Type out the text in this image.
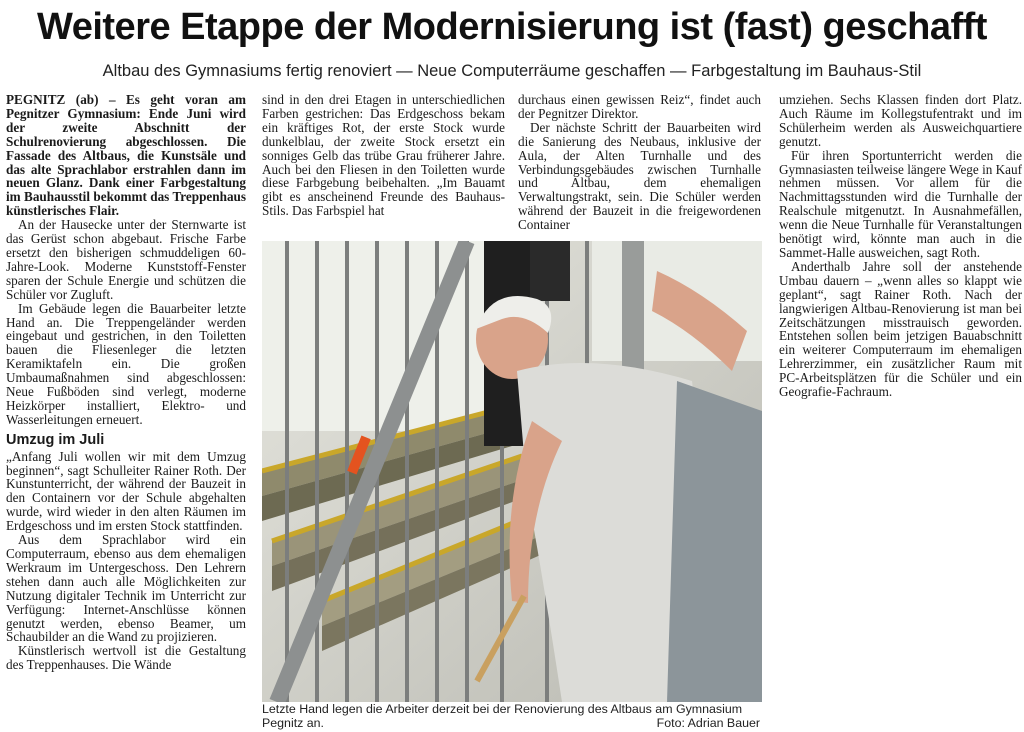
Weitere Etappe der Modernisierung ist (fast) geschafft
Altbau des Gymnasiums fertig renoviert — Neue Computerräume geschaffen — Farbgestaltung im Bauhaus-Stil

PEGNITZ (ab) – Es geht voran am Pegnitzer Gymnasium: Ende Juni wird der zweite Abschnitt der Schulrenovierung abgeschlossen. Die Fassade des Altbaus, die Kunstsäle und das alte Sprachlabor erstrahlen dann im neuen Glanz. Dank einer Farbgestaltung im Bauhausstil bekommt das Treppenhaus künstlerisches Flair.

An der Hausecke unter der Sternwarte ist das Gerüst schon abgebaut. Frische Farbe ersetzt den bisherigen schmuddeligen 60-Jahre-Look. Moderne Kunststoff-Fenster sparen der Schule Energie und schützen die Schüler vor Zugluft.

Im Gebäude legen die Bauarbeiter letzte Hand an. Die Treppengeländer werden eingebaut und gestrichen, in den Toiletten bauen die Fliesenleger die letzten Keramiktafeln ein. Die großen Umbaumaßnahmen sind abgeschlossen: Neue Fußböden sind verlegt, moderne Heizkörper installiert, Elektro- und Wasserleitungen erneuert.

Umzug im Juli

„Anfang Juli wollen wir mit dem Umzug beginnen“, sagt Schulleiter Rainer Roth. Der Kunstunterricht, der während der Bauzeit in den Containern vor der Schule abgehalten wurde, wird wieder in den alten Räumen im Erdgeschoss und im ersten Stock stattfinden.

Aus dem Sprachlabor wird ein Computerraum, ebenso aus dem ehemaligen Werkraum im Untergeschoss. Den Lehrern stehen dann auch alle Möglichkeiten zur Nutzung digitaler Technik im Unterricht zur Verfügung: Internet-Anschlüsse können genutzt werden, ebenso Beamer, um Schaubilder an die Wand zu projizieren.

Künstlerisch wertvoll ist die Gestaltung des Treppenhauses. Die Wände

sind in den drei Etagen in unterschiedlichen Farben gestrichen: Das Erdgeschoss bekam ein kräftiges Rot, der erste Stock wurde dunkelblau, der zweite Stock ersetzt ein sonniges Gelb das trübe Grau früherer Jahre. Auch bei den Fliesen in den Toiletten wurde diese Farbgebung beibehalten. „Im Bauamt gibt es anscheinend Freunde des Bauhaus-Stils. Das Farbspiel hat

durchaus einen gewissen Reiz“, findet auch der Pegnitzer Direktor.

Der nächste Schritt der Bauarbeiten wird die Sanierung des Neubaus, inklusive der Aula, der Alten Turnhalle und des Verbindungsgebäudes zwischen Turnhalle und Altbau, dem ehemaligen Verwaltungstrakt, sein. Die Schüler werden während der Bauzeit in die freigewordenen Container

umziehen. Sechs Klassen finden dort Platz. Auch Räume im Kollegstufentrakt und im Schülerheim werden als Ausweichquartiere genutzt.

Für ihren Sportunterricht werden die Gymnasiasten teilweise längere Wege in Kauf nehmen müssen. Vor allem für die Nachmittagsstunden wird die Turnhalle der Realschule mitgenutzt. In Ausnahmefällen, wenn die Neue Turnhalle für Veranstaltungen benötigt wird, könnte man auch in die Sammet-Halle ausweichen, sagt Roth.

Anderthalb Jahre soll der anstehende Umbau dauern – „wenn alles so klappt wie geplant“, sagt Rainer Roth. Nach der langwierigen Altbau-Renovierung ist man bei Zeitschätzungen misstrauisch geworden. Entstehen sollen beim jetzigen Bauabschnitt ein weiterer Computerraum im ehemaligen Lehrerzimmer, ein zusätzlicher Raum mit PC-Arbeitsplätzen für die Schüler und ein Geografie-Fachraum.

Letzte Hand legen die Arbeiter derzeit bei der Renovierung des Altbaus am Gymnasium Pegnitz an.	Foto: Adrian Bauer
